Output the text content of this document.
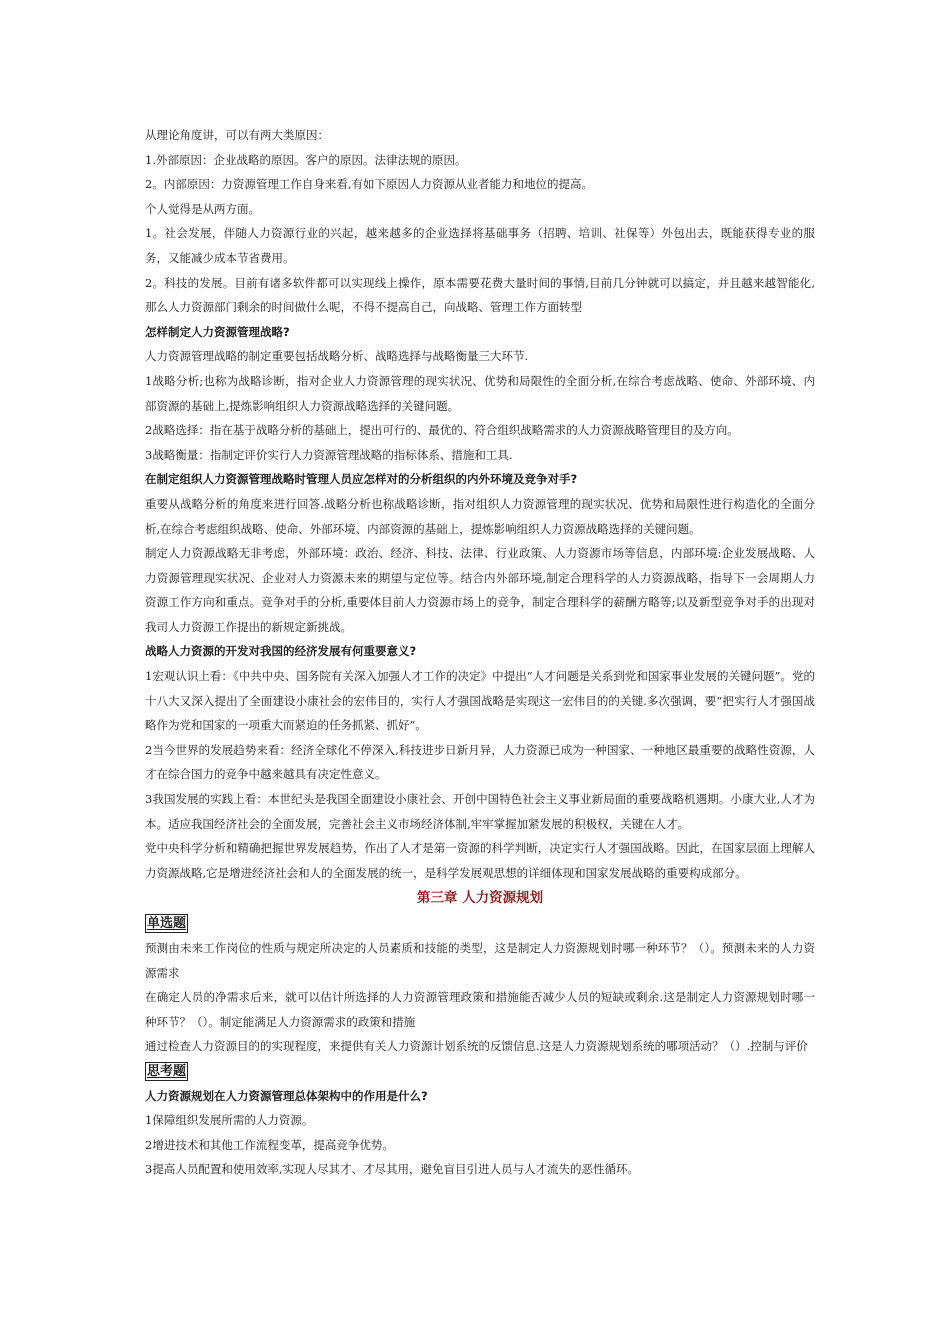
从理论角度讲，可以有两大类原因：

1.外部原因：企业战略的原因。客户的原因。法律法规的原因。

2。内部原因：力资源管理工作自身来看,有如下原因人力资源从业者能力和地位的提高。

个人觉得是从两方面。

1。社会发展，伴随人力资源行业的兴起，越来越多的企业选择将基础事务（招聘、培训、社保等）外包出去，既能获得专业的服务，又能减少成本节省费用。

2。科技的发展。目前有诸多软件都可以实现线上操作，原本需要花费大量时间的事情,目前几分钟就可以搞定，并且越来越智能化,那么人力资源部门剩余的时间做什么呢，不得不提高自己，向战略、管理工作方面转型

怎样制定人力资源管理战略?

人力资源管理战略的制定重要包括战略分析、战略选择与战略衡量三大环节.

1战略分析;也称为战略诊断，指对企业人力资源管理的现实状况、优势和局限性的全面分析,在综合考虑战略、使命、外部环境、内部资源的基础上,提炼影响组织人力资源战略选择的关键问题。

2战略选择：指在基于战略分析的基础上，提出可行的、最优的、符合组织战略需求的人力资源战略管理目的及方向。

3战略衡量：指制定评价实行人力资源管理战略的指标体系、措施和工具.

在制定组织人力资源管理战略时管理人员应怎样对的分析组织的内外环境及竞争对手?

重要从战略分析的角度来进行回答.战略分析也称战略诊断，指对组织人力资源管理的现实状况、优势和局限性进行构造化的全面分析,在综合考虑组织战略、使命、外部环境、内部资源的基础上，提炼影响组织人力资源战略选择的关键问题。

制定人力资源战略无非考虑，外部环境：政治、经济、科技、法律、行业政策、人力资源市场等信息，内部环境:企业发展战略、人力资源管理现实状况、企业对人力资源未来的期望与定位等。结合内外部环境,制定合理科学的人力资源战略，指导下一会周期人力资源工作方向和重点。竞争对手的分析,重要体目前人力资源市场上的竞争，制定合理科学的薪酬方略等;以及新型竞争对手的出现对我司人力资源工作提出的新规定新挑战。

战略人力资源的开发对我国的经济发展有何重要意义?

1宏观认识上看：《中共中央、国务院有关深入加强人才工作的决定》中提出“人才问题是关系到党和国家事业发展的关键问题”。党的十八大又深入提出了全面建设小康社会的宏伟目的，实行人才强国战略是实现这一宏伟目的的关键.多次强调，要“把实行人才强国战略作为党和国家的一项重大而紧迫的任务抓紧、抓好”。

2当今世界的发展趋势来看：经济全球化不停深入,科技进步日新月异，人力资源已成为一种国家、一种地区最重要的战略性资源，人才在综合国力的竞争中越来越具有决定性意义。

3我国发展的实践上看：本世纪头是我国全面建设小康社会、开创中国特色社会主义事业新局面的重要战略机遇期。小康大业,人才为本。适应我国经济社会的全面发展，完善社会主义市场经济体制,牢牢掌握加紧发展的积极权，关键在人才。

党中央科学分析和精确把握世界发展趋势，作出了人才是第一资源的科学判断，决定实行人才强国战略。因此，在国家层面上理解人力资源战略,它是增进经济社会和人的全面发展的统一，是科学发展观思想的详细体现和国家发展战略的重要构成部分。

第三章 人力资源规划
单选题

预测由未来工作岗位的性质与规定所决定的人员素质和技能的类型，这是制定人力资源规划时哪一种环节？（）。预测未来的人力资源需求

在确定人员的净需求后来，就可以估计所选择的人力资源管理政策和措施能否减少人员的短缺或剩余.这是制定人力资源规划时哪一种环节？（）。制定能满足人力资源需求的政策和措施

通过检查人力资源目的的实现程度，来提供有关人力资源计划系统的反馈信息.这是人力资源规划系统的哪项活动？（）.控制与评价

思考题

人力资源规划在人力资源管理总体架构中的作用是什么?

1保障组织发展所需的人力资源。

2增进技术和其他工作流程变革，提高竞争优势。

3提高人员配置和使用效率,实现人尽其才、才尽其用，避免盲目引进人员与人才流失的恶性循环。
